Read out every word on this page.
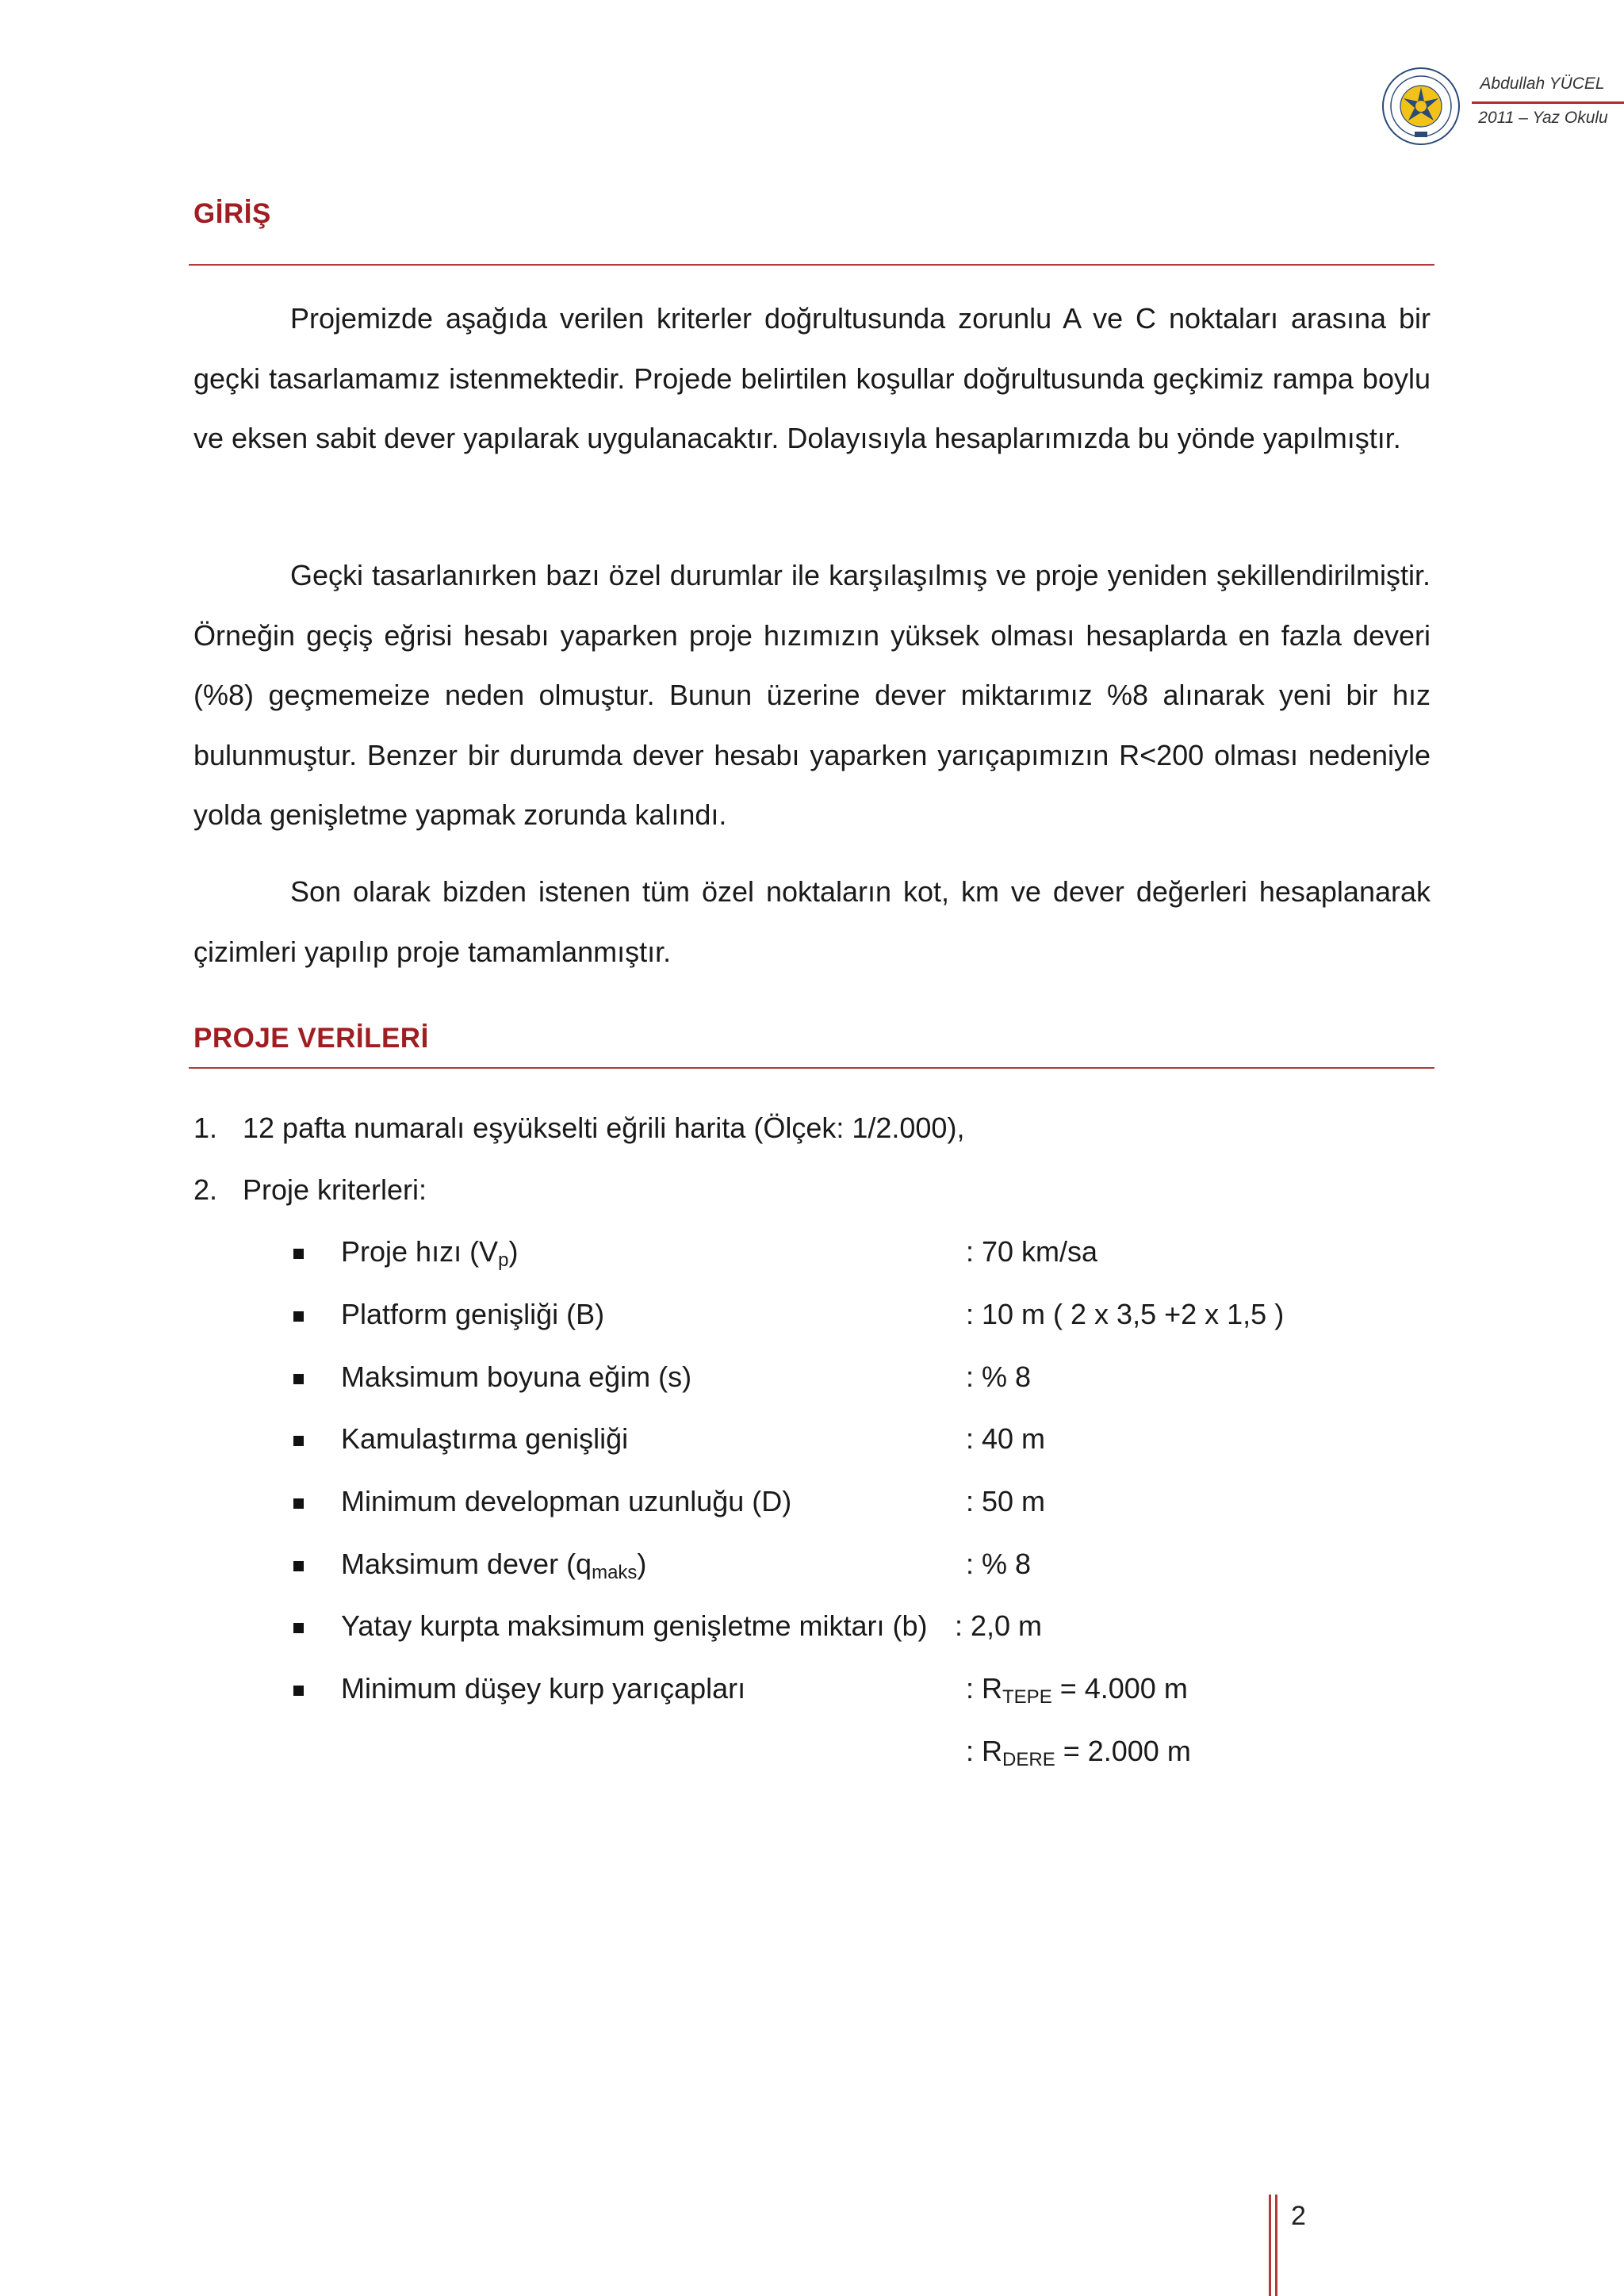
Abdullah YÜCEL
2011 – Yaz Okulu
GİRİŞ
Projemizde aşağıda verilen kriterler doğrultusunda zorunlu A ve C noktaları arasına bir geçki tasarlamamız istenmektedir. Projede belirtilen koşullar doğrultusunda geçkimiz rampa boylu ve eksen sabit dever yapılarak uygulanacaktır. Dolayısıyla hesaplarımızda bu yönde yapılmıştır.
Geçki tasarlanırken bazı özel durumlar ile karşılaşılmış ve proje yeniden şekillendirilmiştir. Örneğin geçiş eğrisi hesabı yaparken proje hızımızın yüksek olması hesaplarda en fazla deveri (%8) geçmemeize neden olmuştur. Bunun üzerine dever miktarımız %8 alınarak yeni bir hız bulunmuştur. Benzer bir durumda dever hesabı yaparken yarıçapımızın R<200 olması nedeniyle yolda genişletme yapmak zorunda kalındı.
Son olarak bizden istenen tüm özel noktaların kot, km ve dever değerleri hesaplanarak çizimleri yapılıp proje tamamlanmıştır.
PROJE VERİLERİ
1. 12 pafta numaralı eşyükselti eğrili harita (Ölçek: 1/2.000),
2. Proje kriterleri:
Proje hızı $(V_p)$	: 70 km/sa
Platform genişliği (B)	: 10 m ( 2 x 3,5 +2 x 1,5 )
Maksimum boyuna eğim (s)	: % 8
Kamulaştırma genişliği	: 40 m
Minimum developman uzunluğu (D)	: 50 m
Maksimum dever $(q_{maks})$	: % 8
Yatay kurpta maksimum genişletme miktarı (b) : 2,0 m
Minimum düşey kurp yarıçapları	: $R_{TEPE} = 4.000$ m
: $R_{DERE} = 2.000$ m
2
